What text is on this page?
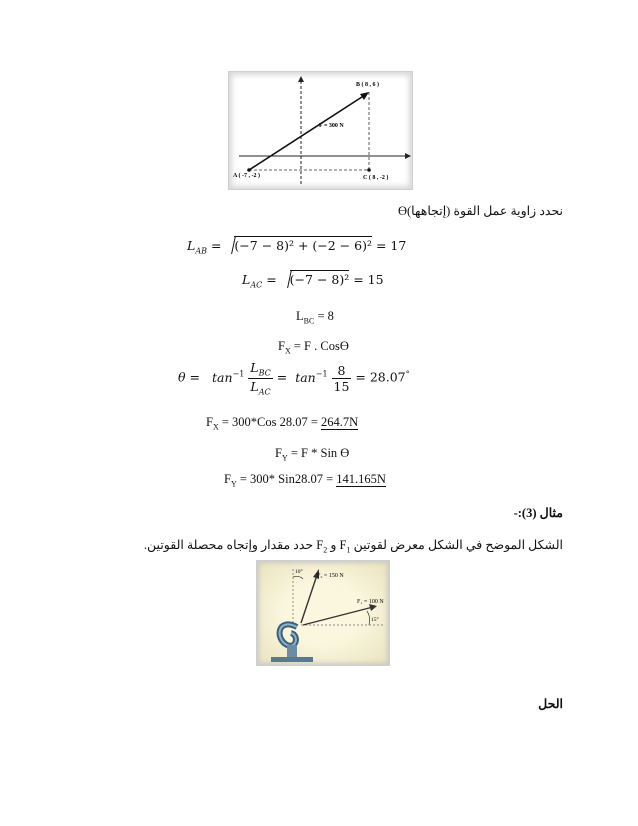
B ( 8 , 6 )
A ( -7 , -2 )	C ( 8 , -2 )
F = 300 N
نحدد زاوية عمل القوة (إتجاهها)Ө
$L_{AB} = (-7 - 8)^2 + (-2 - 6)^2 = 17$
$L_{AC} = (-7 - 8)^2 = 15$
$L_{BC} = 8$
$F_X = F$ . CosӨ
$\theta = \tan^{-1} \frac{L_{BC}}{L_{AC}} = \tan^{-1} \frac{8}{15} = 28.07^\circ$
$F_X = 300*Cos$ 28.07 = 264.7N
$F_Y = F$ * Sin Ө
$F_Y = 300*$ Sin28.07 = 141.165N
مثال (3):-
الشكل الموضح في الشكل معرض لقوتين $F_1$ و $F_2$ حدد مقدار وإتجاه محصلة القوتين.
F₂ = 150 N
F₁ = 100 N
10°
15°
الحل
